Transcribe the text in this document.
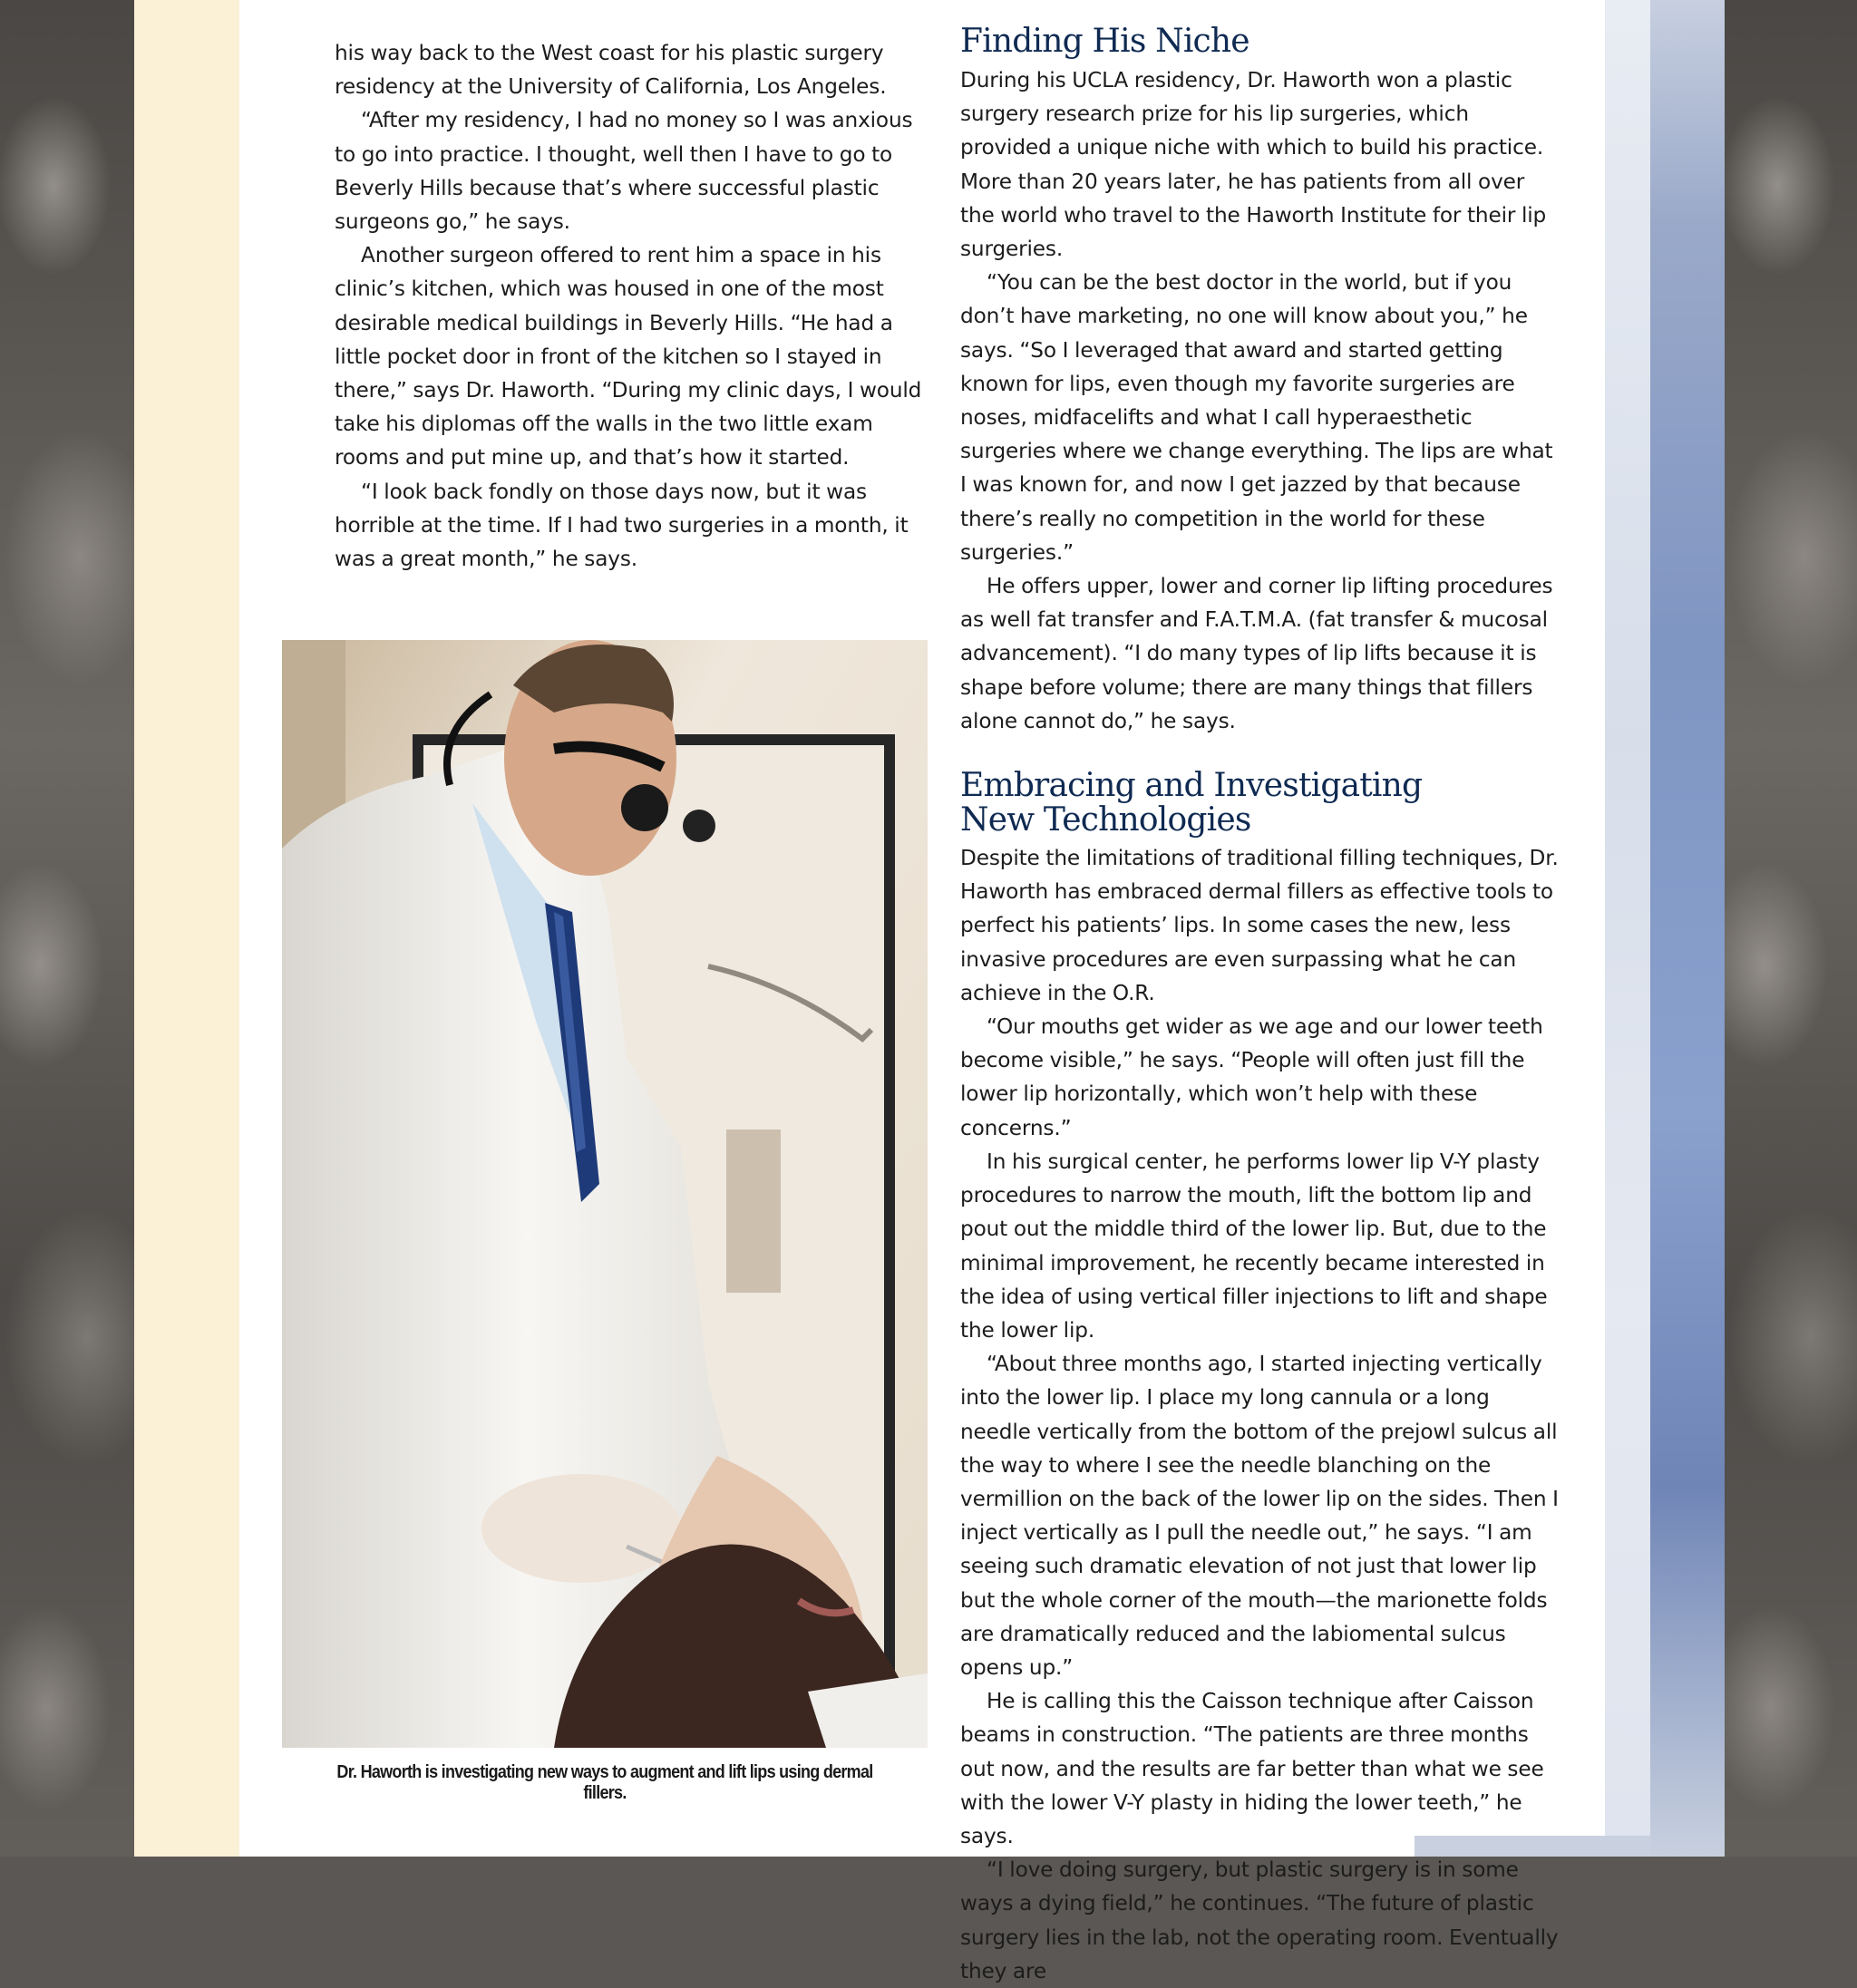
his way back to the West coast for his plastic surgery residency at the University of California, Los Angeles.

“After my residency, I had no money so I was anxious to go into practice. I thought, well then I have to go to Beverly Hills because that’s where successful plastic surgeons go,” he says.

Another surgeon offered to rent him a space in his clinic’s kitchen, which was housed in one of the most desirable medical buildings in Beverly Hills. “He had a little pocket door in front of the kitchen so I stayed in there,” says Dr. Haworth. “During my clinic days, I would take his diplomas off the walls in the two little exam rooms and put mine up, and that’s how it started.

“I look back fondly on those days now, but it was horrible at the time. If I had two surgeries in a month, it was a great month,” he says.

Dr. Haworth is investigating new ways to augment and lift lips using dermal fillers.
Finding His Niche

During his UCLA residency, Dr. Haworth won a plastic surgery research prize for his lip surgeries, which provided a unique niche with which to build his practice. More than 20 years later, he has patients from all over the world who travel to the Haworth Institute for their lip surgeries.

“You can be the best doctor in the world, but if you don’t have marketing, no one will know about you,” he says. “So I leveraged that award and started getting known for lips, even though my favorite surgeries are noses, midfacelifts and what I call hyperaesthetic surgeries where we change everything. The lips are what I was known for, and now I get jazzed by that because there’s really no competition in the world for these surgeries.”

He offers upper, lower and corner lip lifting procedures as well fat transfer and F.A.T.M.A. (fat transfer & mucosal advancement). “I do many types of lip lifts because it is shape before volume; there are many things that fillers alone cannot do,” he says.

Embracing and Investigating
New Technologies

Despite the limitations of traditional filling techniques, Dr. Haworth has embraced dermal fillers as effective tools to perfect his patients’ lips. In some cases the new, less invasive procedures are even surpassing what he can achieve in the O.R.

“Our mouths get wider as we age and our lower teeth become visible,” he says. “People will often just fill the lower lip horizontally, which won’t help with these concerns.”

In his surgical center, he performs lower lip V-Y plasty procedures to narrow the mouth, lift the bottom lip and pout out the middle third of the lower lip. But, due to the minimal improvement, he recently became interested in the idea of using vertical filler injections to lift and shape the lower lip.

“About three months ago, I started injecting vertically into the lower lip. I place my long cannula or a long needle vertically from the bottom of the prejowl sulcus all the way to where I see the needle blanching on the vermillion on the back of the lower lip on the sides. Then I inject vertically as I pull the needle out,” he says. “I am seeing such dramatic elevation of not just that lower lip but the whole corner of the mouth—the marionette folds are dramatically reduced and the labiomental sulcus opens up.”

He is calling this the Caisson technique after Caisson beams in construction. “The patients are three months out now, and the results are far better than what we see with the lower V-Y plasty in hiding the lower teeth,” he says.

“I love doing surgery, but plastic surgery is in some ways a dying field,” he continues. “The future of plastic surgery lies in the lab, not the operating room. Eventually they are
